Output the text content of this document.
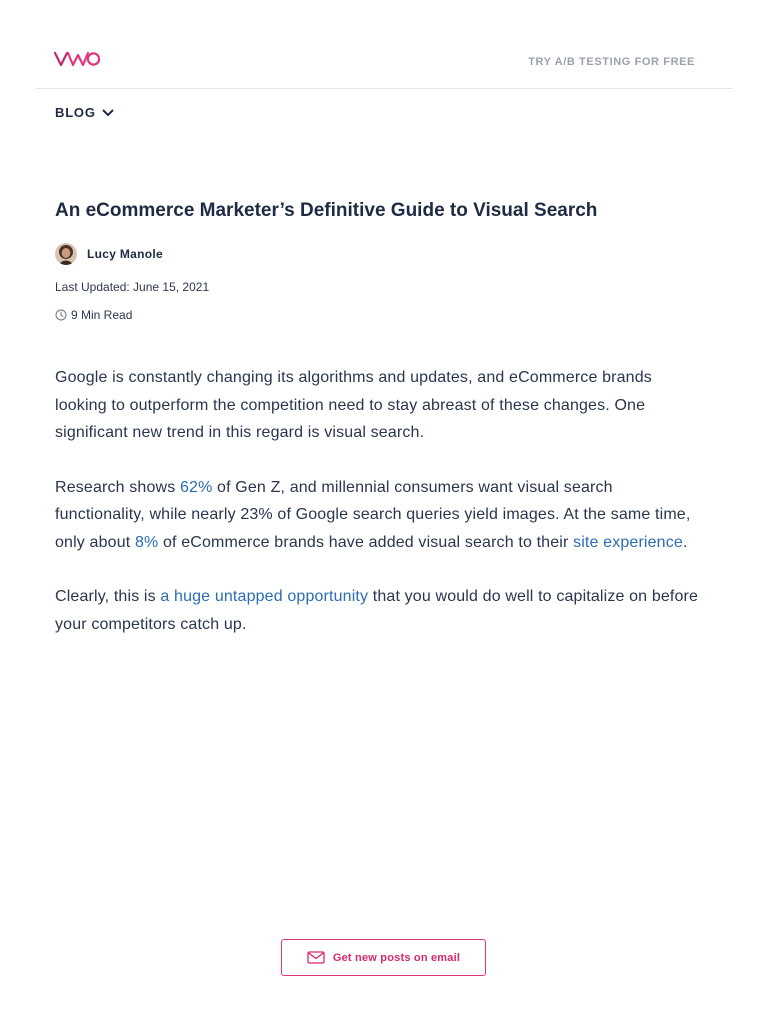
TRY A/B TESTING FOR FREE
BLOG
An eCommerce Marketer’s Definitive Guide to Visual Search
Lucy Manole
Last Updated: June 15, 2021
9 Min Read

Google is constantly changing its algorithms and updates, and eCommerce brands looking to outperform the competition need to stay abreast of these changes. One significant new trend in this regard is visual search.

Research shows 62% of Gen Z, and millennial consumers want visual search functionality, while nearly 23% of Google search queries yield images. At the same time, only about 8% of eCommerce brands have added visual search to their site experience.

Clearly, this is a huge untapped opportunity that you would do well to capitalize on before your competitors catch up.

Get new posts on email
